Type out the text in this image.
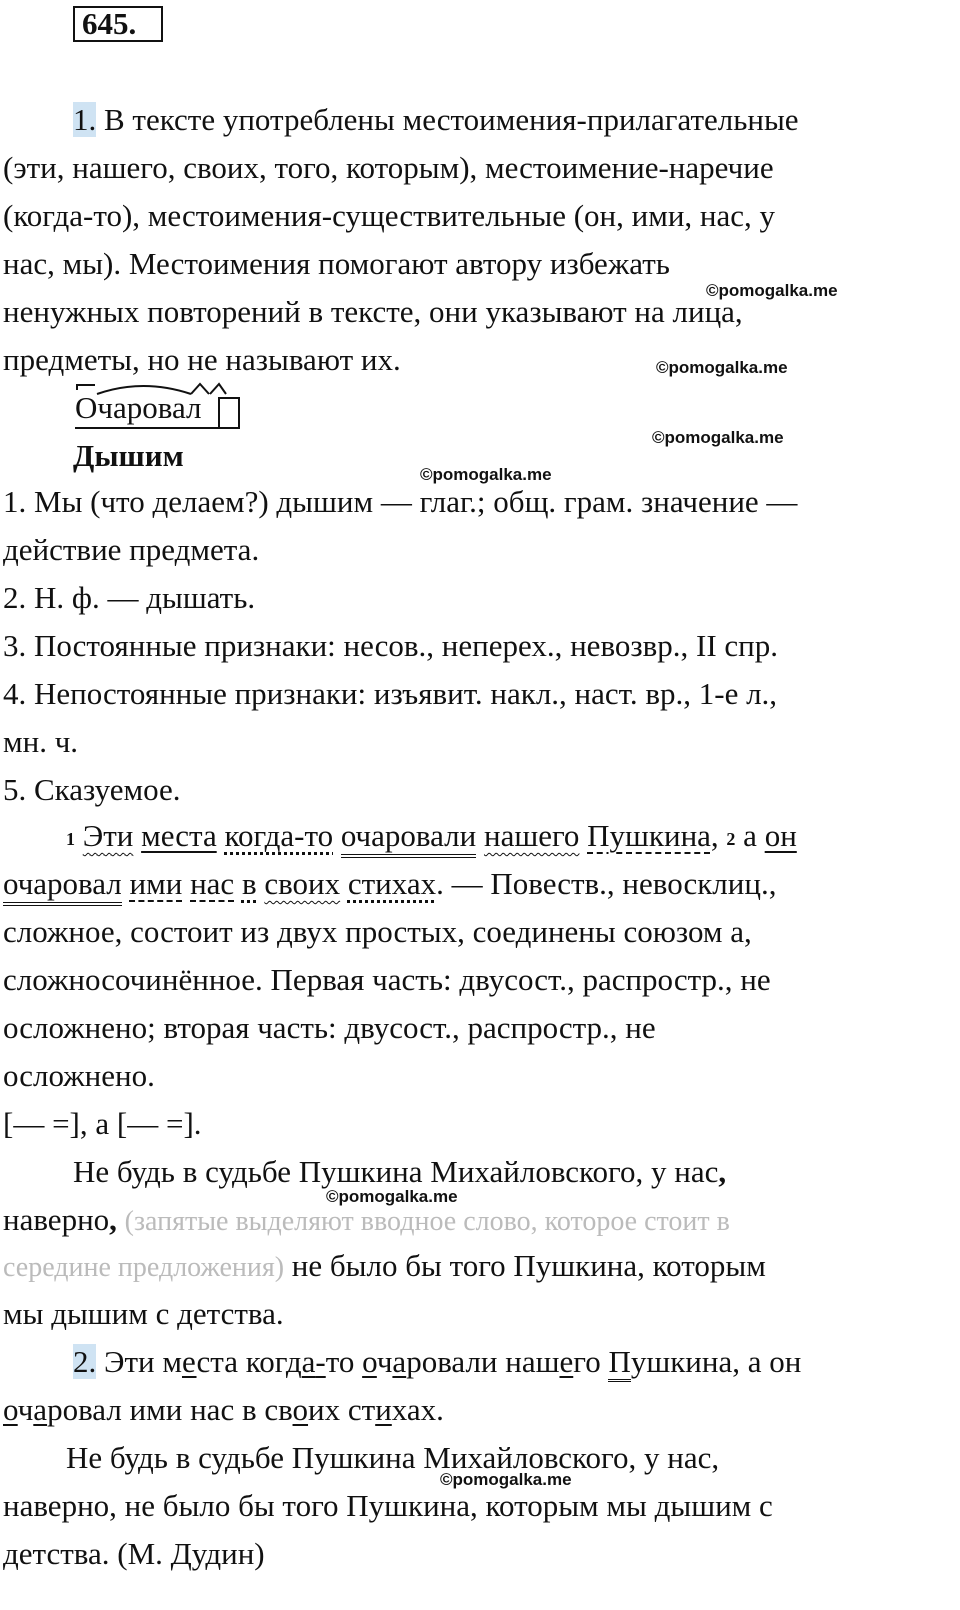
645.
1. В тексте употреблены местоимения-прилагательные
(эти, нашего, своих, того, которым), местоимение-наречие
(когда-то), местоимения-существительные (он, ими, нас, у
нас, мы). Местоимения помогают автору избежать
ненужных повторений в тексте, они указывают на лица,
предметы, но не называют их.
Очаровал
Дышим
1. Мы (что делаем?) дышим — глаг.; общ. грам. значение —
действие предмета.
2. Н. ф. — дышать.
3. Постоянные признаки: несов., неперех., невозвр., II спр.
4. Непостоянные признаки: изъявит. накл., наст. вр., 1-е л.,
мн. ч.
5. Сказуемое.
1 Эти места когда-то очаровали нашего Пушкина, 2 а он
очаровал ими нас в своих стихах. — Повеств., невосклиц.,
сложное, состоит из двух простых, соединены союзом а,
сложносочинённое. Первая часть: двусост., распростр., не
осложнено; вторая часть: двусост., распростр., не
осложнено.
[— =], а [— =].
Не будь в судьбе Пушкина Михайловского, у нас,
наверно, (запятые выделяют вводное слово, которое стоит в
середине предложения) не было бы того Пушкина, которым
мы дышим с детства.
2. Эти места когда-то очаровали нашего Пушкина, а он
очаровал ими нас в своих стихах.
Не будь в судьбе Пушкина Михайловского, у нас,
наверно, не было бы того Пушкина, которым мы дышим с
детства. (М. Дудин)
©pomogalka.me
©pomogalka.me
©pomogalka.me
©pomogalka.me
©pomogalka.me
©pomogalka.me
